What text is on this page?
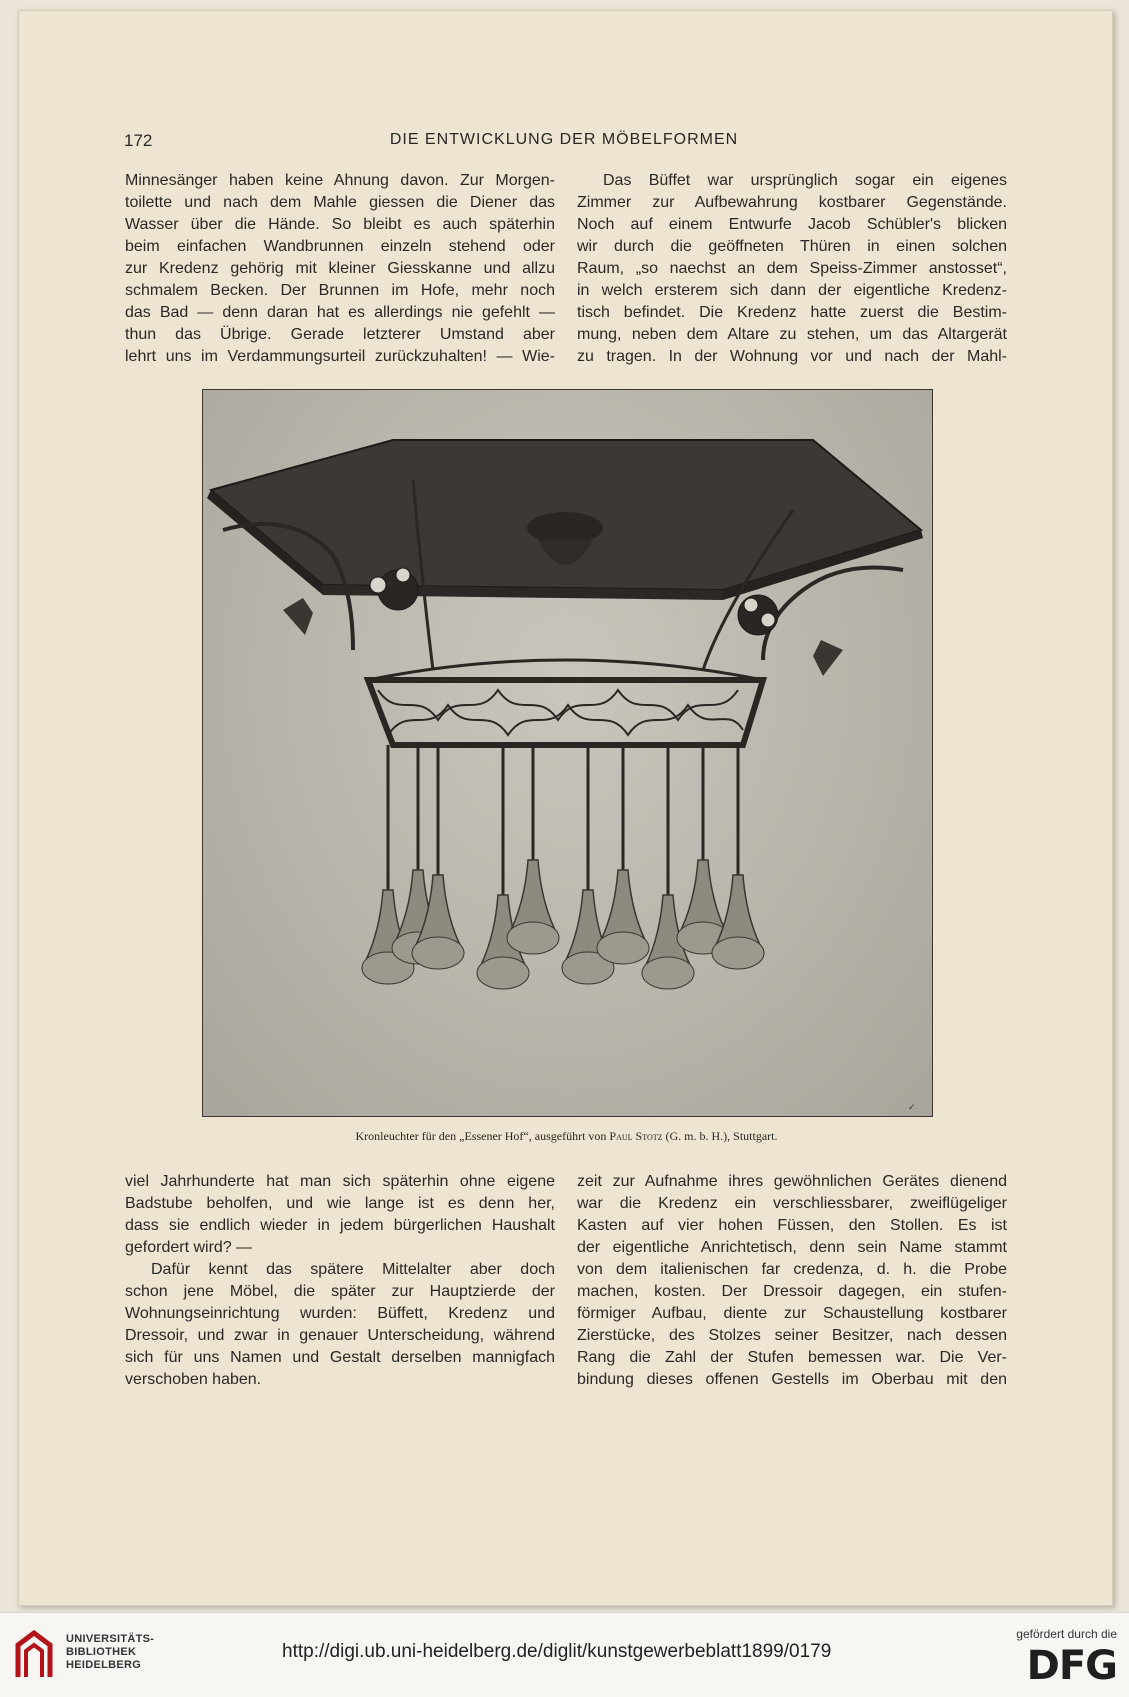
172	DIE ENTWICKLUNG DER MÖBELFORMEN
Minnesänger haben keine Ahnung davon. Zur Morgen-
toilette und nach dem Mahle giessen die Diener das
Wasser über die Hände. So bleibt es auch späterhin
beim einfachen Wandbrunnen einzeln stehend oder
zur Kredenz gehörig mit kleiner Giesskanne und allzu
schmalem Becken. Der Brunnen im Hofe, mehr noch
das Bad — denn daran hat es allerdings nie gefehlt —
thun das Übrige. Gerade letzterer Umstand aber
lehrt uns im Verdammungsurteil zurückzuhalten! — Wie-
Das Büffet war ursprünglich sogar ein eigenes
Zimmer zur Aufbewahrung kostbarer Gegenstände.
Noch auf einem Entwurfe Jacob Schübler's blicken
wir durch die geöffneten Thüren in einen solchen
Raum, „so naechst an dem Speiss-Zimmer anstosset“,
in welch ersterem sich dann der eigentliche Kredenz-
tisch befindet. Die Kredenz hatte zuerst die Bestim-
mung, neben dem Altare zu stehen, um das Altargerät
zu tragen. In der Wohnung vor und nach der Mahl-
✓
Kronleuchter für den „Essener Hof“, ausgeführt von Paul Stotz (G. m. b. H.), Stuttgart.
viel Jahrhunderte hat man sich späterhin ohne eigene
Badstube beholfen, und wie lange ist es denn her,
dass sie endlich wieder in jedem bürgerlichen Haushalt
gefordert wird? —
Dafür kennt das spätere Mittelalter aber doch
schon jene Möbel, die später zur Hauptzierde der
Wohnungseinrichtung wurden: Büffett, Kredenz und
Dressoir, und zwar in genauer Unterscheidung, während
sich für uns Namen und Gestalt derselben mannigfach
verschoben haben.
zeit zur Aufnahme ihres gewöhnlichen Gerätes dienend
war die Kredenz ein verschliessbarer, zweiflügeliger
Kasten auf vier hohen Füssen, den Stollen. Es ist
der eigentliche Anrichtetisch, denn sein Name stammt
von dem italienischen far credenza, d. h. die Probe
machen, kosten. Der Dressoir dagegen, ein stufen-
förmiger Aufbau, diente zur Schaustellung kostbarer
Zierstücke, des Stolzes seiner Besitzer, nach dessen
Rang die Zahl der Stufen bemessen war. Die Ver-
bindung dieses offenen Gestells im Oberbau mit den
UNIVERSITÄTS-
BIBLIOTHEK
HEIDELBERG
http://digi.ub.uni-heidelberg.de/diglit/kunstgewerbeblatt1899/0179
gefördert durch die
DFG
